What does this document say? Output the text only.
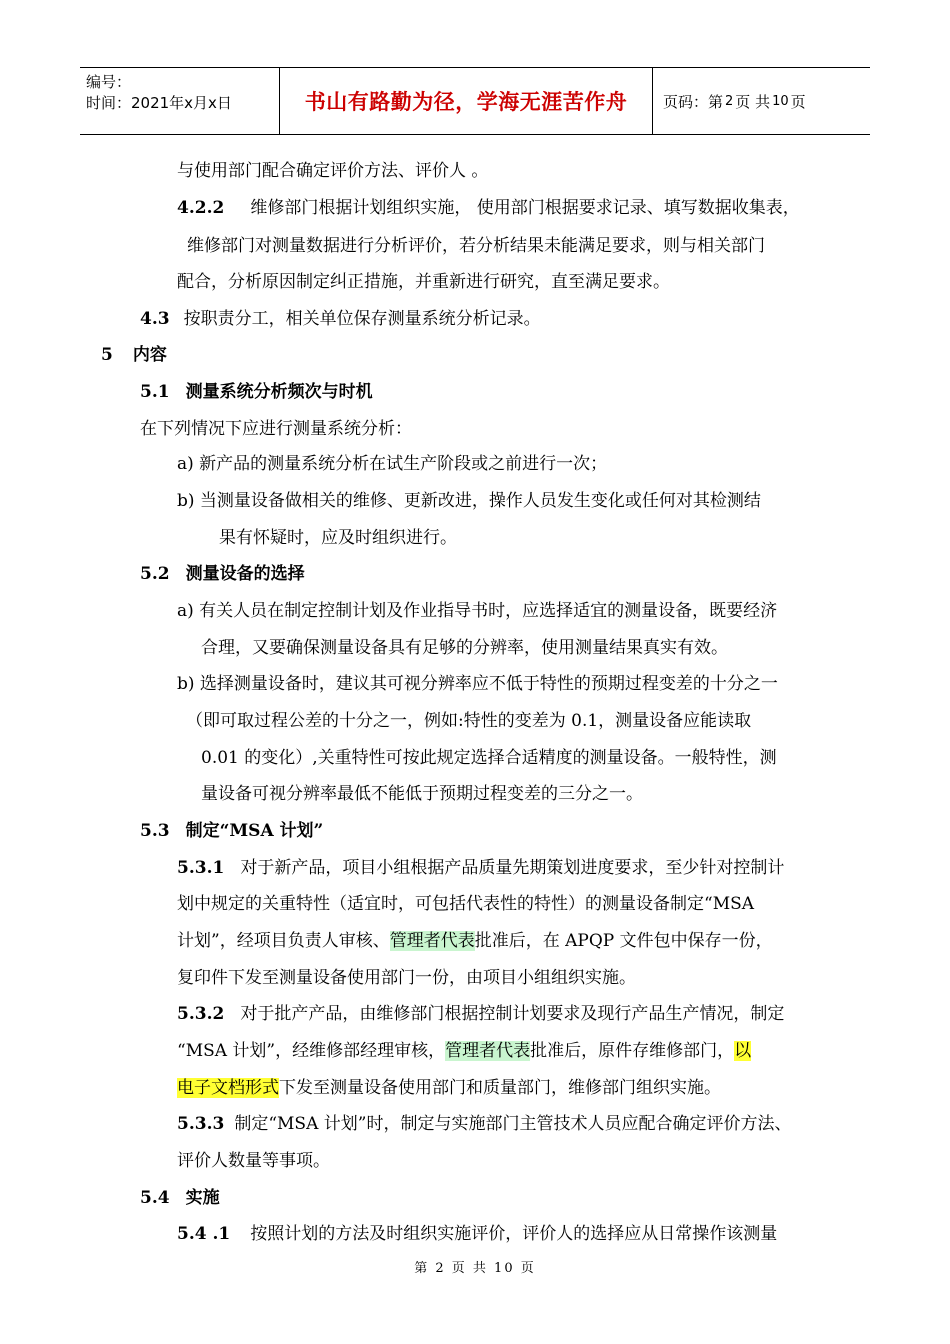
编号：
时间：2021年x月x日	书山有路勤为径，学海无涯苦作舟 页码：第 2 页 共 10 页
与使用部门配合确定评价方法、评价人 。
4.2.2 维修部门根据计划组织实施， 使用部门根据要求记录、填写数据收集表，
维修部门对测量数据进行分析评价，若分析结果未能满足要求，则与相关部门
配合，分析原因制定纠正措施，并重新进行研究，直至满足要求。
4.3 按职责分工，相关单位保存测量系统分析记录。
5 内容
5.1 测量系统分析频次与时机
在下列情况下应进行测量系统分析：
a) 新产品的测量系统分析在试生产阶段或之前进行一次；
b) 当测量设备做相关的维修、更新改进，操作人员发生变化或任何对其检测结
果有怀疑时，应及时组织进行。
5.2 测量设备的选择
a) 有关人员在制定控制计划及作业指导书时，应选择适宜的测量设备，既要经济
合理，又要确保测量设备具有足够的分辨率，使用测量结果真实有效。
b) 选择测量设备时，建议其可视分辨率应不低于特性的预期过程变差的十分之一
（即可取过程公差的十分之一，例如:特性的变差为 0.1，测量设备应能读取
0.01 的变化）,关重特性可按此规定选择合适精度的测量设备。一般特性，测
量设备可视分辨率最低不能低于预期过程变差的三分之一。
5.3 制定“MSA 计划”
5.3.1 对于新产品，项目小组根据产品质量先期策划进度要求，至少针对控制计
划中规定的关重特性（适宜时，可包括代表性的特性）的测量设备制定“MSA
计划”，经项目负责人审核、管理者代表批准后，在 APQP 文件包中保存一份，
复印件下发至测量设备使用部门一份，由项目小组组织实施。
5.3.2 对于批产产品，由维修部门根据控制计划要求及现行产品生产情况，制定
“MSA 计划”，经维修部经理审核，管理者代表批准后，原件存维修部门，以
电子文档形式下发至测量设备使用部门和质量部门，维修部门组织实施。
5.3.3 制定“MSA 计划”时，制定与实施部门主管技术人员应配合确定评价方法、
评价人数量等事项。
5.4 实施
5.4 .1 按照计划的方法及时组织实施评价，评价人的选择应从日常操作该测量
第 2 页 共 10 页
